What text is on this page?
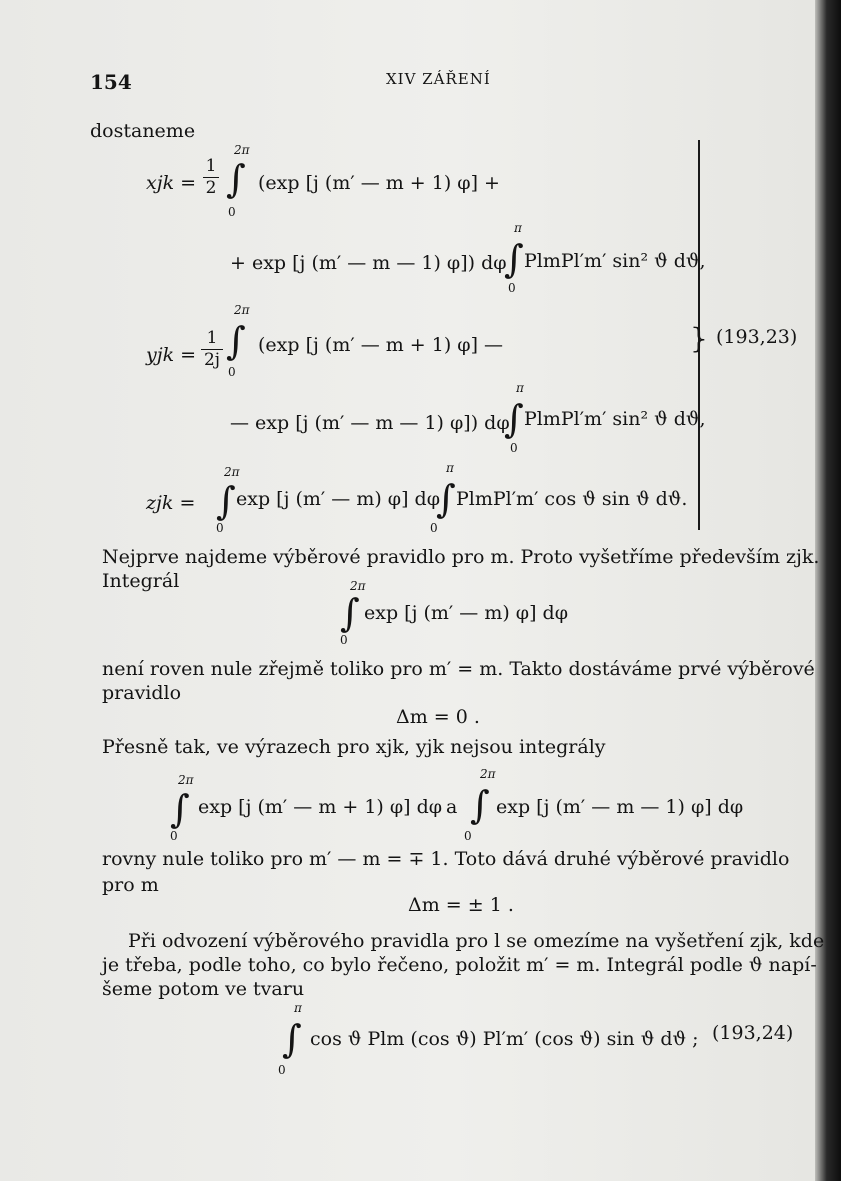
154	XIV ZÁŘENÍ
dostaneme
xjk =
1
2
2π
∫
0
(exp [j (m′ — m + 1) φ] +
+ exp [j (m′ — m — 1) φ]) dφ
π
∫
0
PlmPl′m′ sin² ϑ dϑ,
yjk =
1
2j
2π
∫
0
(exp [j (m′ — m + 1) φ] —	(193,23)
— exp [j (m′ — m — 1) φ]) dφ
π
∫
0
PlmPl′m′ sin² ϑ dϑ,
zjk =
2π
∫
0
exp [j (m′ — m) φ] dφ
π
∫
0
PlmPl′m′ cos ϑ sin ϑ dϑ.
}
Nejprve najdeme výběrové pravidlo pro m. Proto vyšetříme především zjk.
Integrál	2π
∫
0
exp [j (m′ — m) φ] dφ
není roven nule zřejmě toliko pro m′ = m. Takto dostáváme prvé výběrové
pravidlo
Δm = 0 .
Přesně tak, ve výrazech pro xjk, yjk nejsou integrály
2π
∫
0
exp [j (m′ — m + 1) φ] dφ a
2π
∫
0
exp [j (m′ — m — 1) φ] dφ
rovny nule toliko pro m′ — m = ∓ 1. Toto dává druhé výběrové pravidlo
pro m
Δm = ± 1 .
Při odvození výběrového pravidla pro l se omezíme na vyšetření zjk, kde
je třeba, podle toho, co bylo řečeno, položit m′ = m. Integrál podle ϑ napí-
šeme potom ve tvaru
π
∫
0
cos ϑ Plm (cos ϑ) Pl′m′ (cos ϑ) sin ϑ dϑ ; (193,24)
